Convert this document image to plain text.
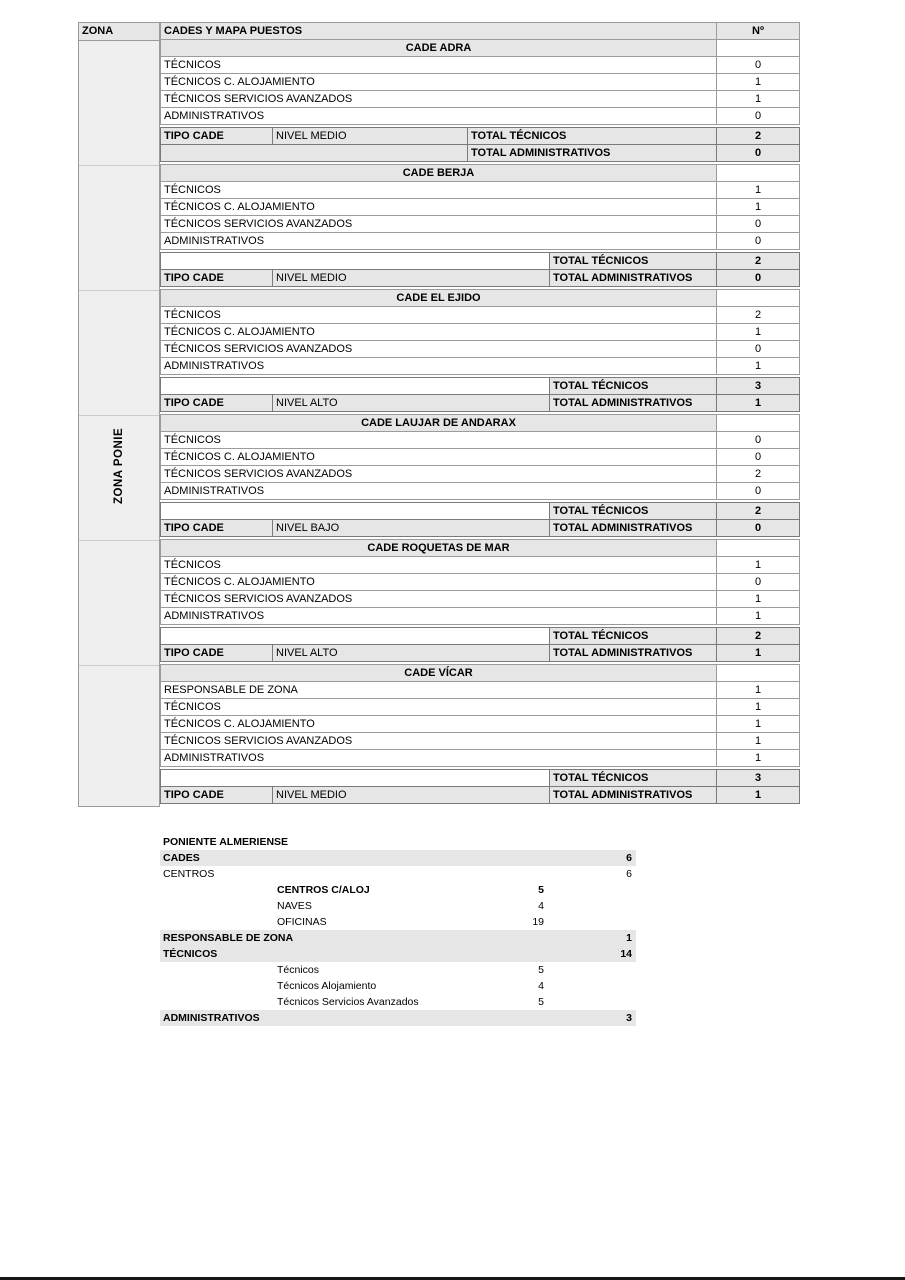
ZONA
ZONA PONIE
CADES Y MAPA PUESTOS	Nº
CADE ADRA
TÉCNICOS	0
TÉCNICOS C. ALOJAMIENTO	1
TÉCNICOS SERVICIOS AVANZADOS	1
ADMINISTRATIVOS	0
TIPO CADE	NIVEL MEDIO	TOTAL TÉCNICOS	2
TOTAL ADMINISTRATIVOS	0
CADE BERJA
TÉCNICOS	1
TÉCNICOS C. ALOJAMIENTO	1
TÉCNICOS SERVICIOS AVANZADOS	0
ADMINISTRATIVOS	0
TOTAL TÉCNICOS	2
TIPO CADE	NIVEL MEDIO	TOTAL ADMINISTRATIVOS	0
CADE EL EJIDO
TÉCNICOS	2
TÉCNICOS C. ALOJAMIENTO	1
TÉCNICOS SERVICIOS AVANZADOS	0
ADMINISTRATIVOS	1
TOTAL TÉCNICOS	3
TIPO CADE	NIVEL ALTO	TOTAL ADMINISTRATIVOS	1
CADE LAUJAR DE ANDARAX
TÉCNICOS	0
TÉCNICOS C. ALOJAMIENTO	0
TÉCNICOS SERVICIOS AVANZADOS	2
ADMINISTRATIVOS	0
TOTAL TÉCNICOS	2
TIPO CADE	NIVEL BAJO	TOTAL ADMINISTRATIVOS	0
CADE ROQUETAS DE MAR
TÉCNICOS	1
TÉCNICOS C. ALOJAMIENTO	0
TÉCNICOS SERVICIOS AVANZADOS	1
ADMINISTRATIVOS	1
TOTAL TÉCNICOS	2
TIPO CADE	NIVEL ALTO	TOTAL ADMINISTRATIVOS	1
CADE VÍCAR
RESPONSABLE DE ZONA	1
TÉCNICOS	1
TÉCNICOS C. ALOJAMIENTO	1
TÉCNICOS SERVICIOS AVANZADOS	1
ADMINISTRATIVOS	1
TOTAL TÉCNICOS	3
TIPO CADE	NIVEL MEDIO	TOTAL ADMINISTRATIVOS	1
PONIENTE ALMERIENSE
CADES	6
CENTROS	6
CENTROS C/ALOJ	5
NAVES	4
OFICINAS	19
RESPONSABLE DE ZONA	1
TÉCNICOS	14
Técnicos	5
Técnicos Alojamiento	4
Técnicos Servicios Avanzados	5
ADMINISTRATIVOS	3
